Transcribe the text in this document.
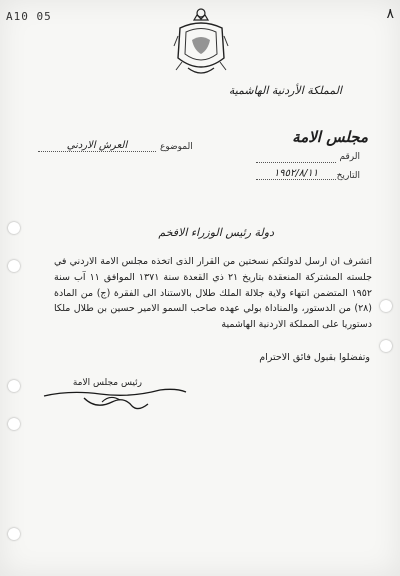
A10 05	٨
المملكة الأردنية الهاشمية
مجلس الامة
الرقم
التاريخ
١٩٥٢/٨/١١
الموضوع
العرش الاردني
دولة رئيس الوزراء الافخم
اتشرف ان ارسل لدولتكم نسختين من القرار الذى اتخذه مجلس الامة الاردني في جلسته المشتركة المنعقدة بتاريخ ٢١ ذي القعدة سنة ١٣٧١ الموافق ١١ آب سنة ١٩٥٢ المتضمن انتهاء ولاية جلالة الملك طلال بالاستناد الى الفقرة (ج) من المادة (٢٨) من الدستور، والمناداة بولي عهده صاحب السمو الامير حسين بن طلال ملكا دستوريا على المملكة الاردنية الهاشمية
وتفضلوا بقبول فائق الاحترام
رئيس مجلس الامة
